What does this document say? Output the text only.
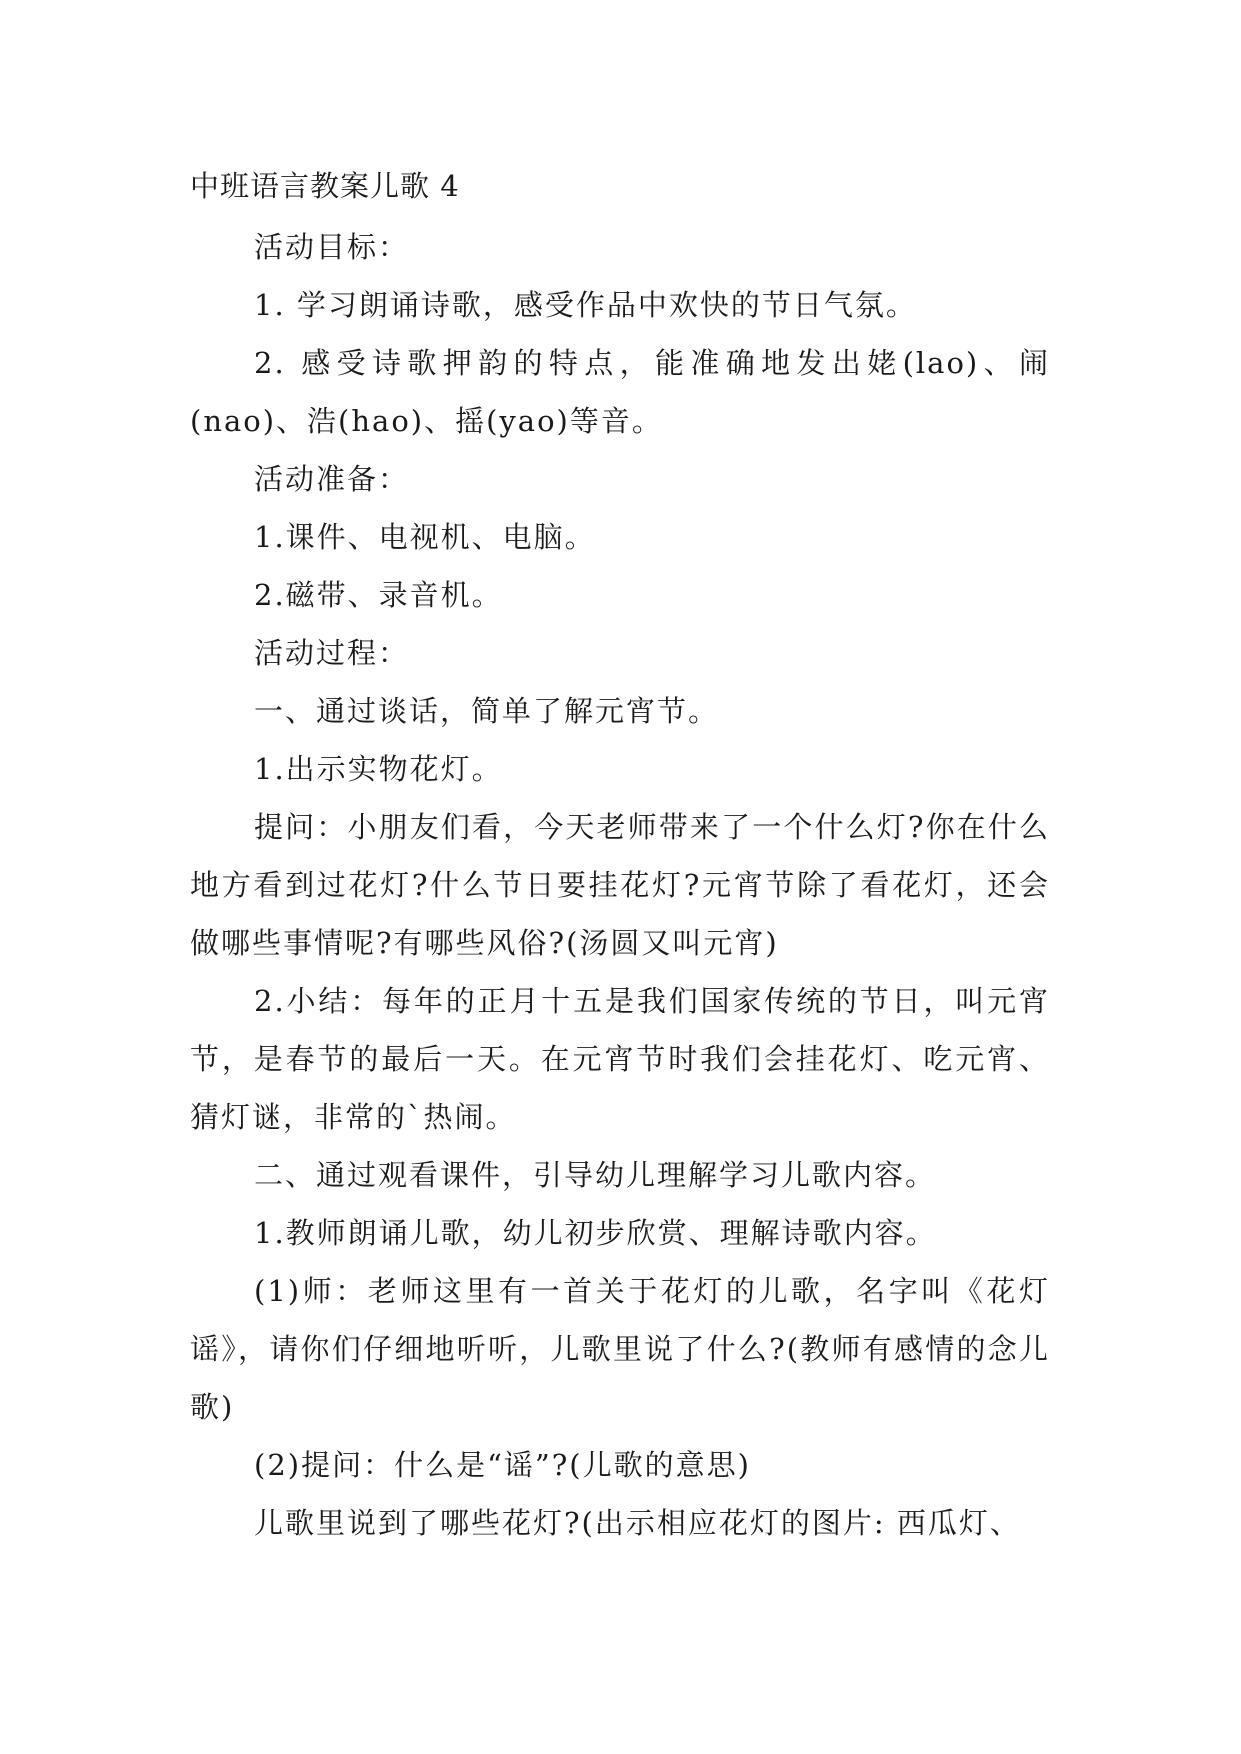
中班语言教案儿歌 4

活动目标：

1. 学习朗诵诗歌，感受作品中欢快的节日气氛。

2. 感受诗歌押韵的特点，能准确地发出姥(lao)、闹(nao)、浩(hao)、摇(yao)等音。

活动准备：

1.课件、电视机、电脑。

2.磁带、录音机。

活动过程：

一、通过谈话，简单了解元宵节。

1.出示实物花灯。

提问：小朋友们看，今天老师带来了一个什么灯?你在什么地方看到过花灯?什么节日要挂花灯?元宵节除了看花灯，还会做哪些事情呢?有哪些风俗?(汤圆又叫元宵)

2.小结：每年的正月十五是我们国家传统的节日，叫元宵节，是春节的最后一天。在元宵节时我们会挂花灯、吃元宵、猜灯谜，非常的`热闹。

二、通过观看课件，引导幼儿理解学习儿歌内容。

1.教师朗诵儿歌，幼儿初步欣赏、理解诗歌内容。

(1)师：老师这里有一首关于花灯的儿歌，名字叫《花灯谣》，请你们仔细地听听，儿歌里说了什么?(教师有感情的念儿歌)

(2)提问：什么是“谣”?(儿歌的意思)

儿歌里说到了哪些花灯?(出示相应花灯的图片: 西瓜灯、
